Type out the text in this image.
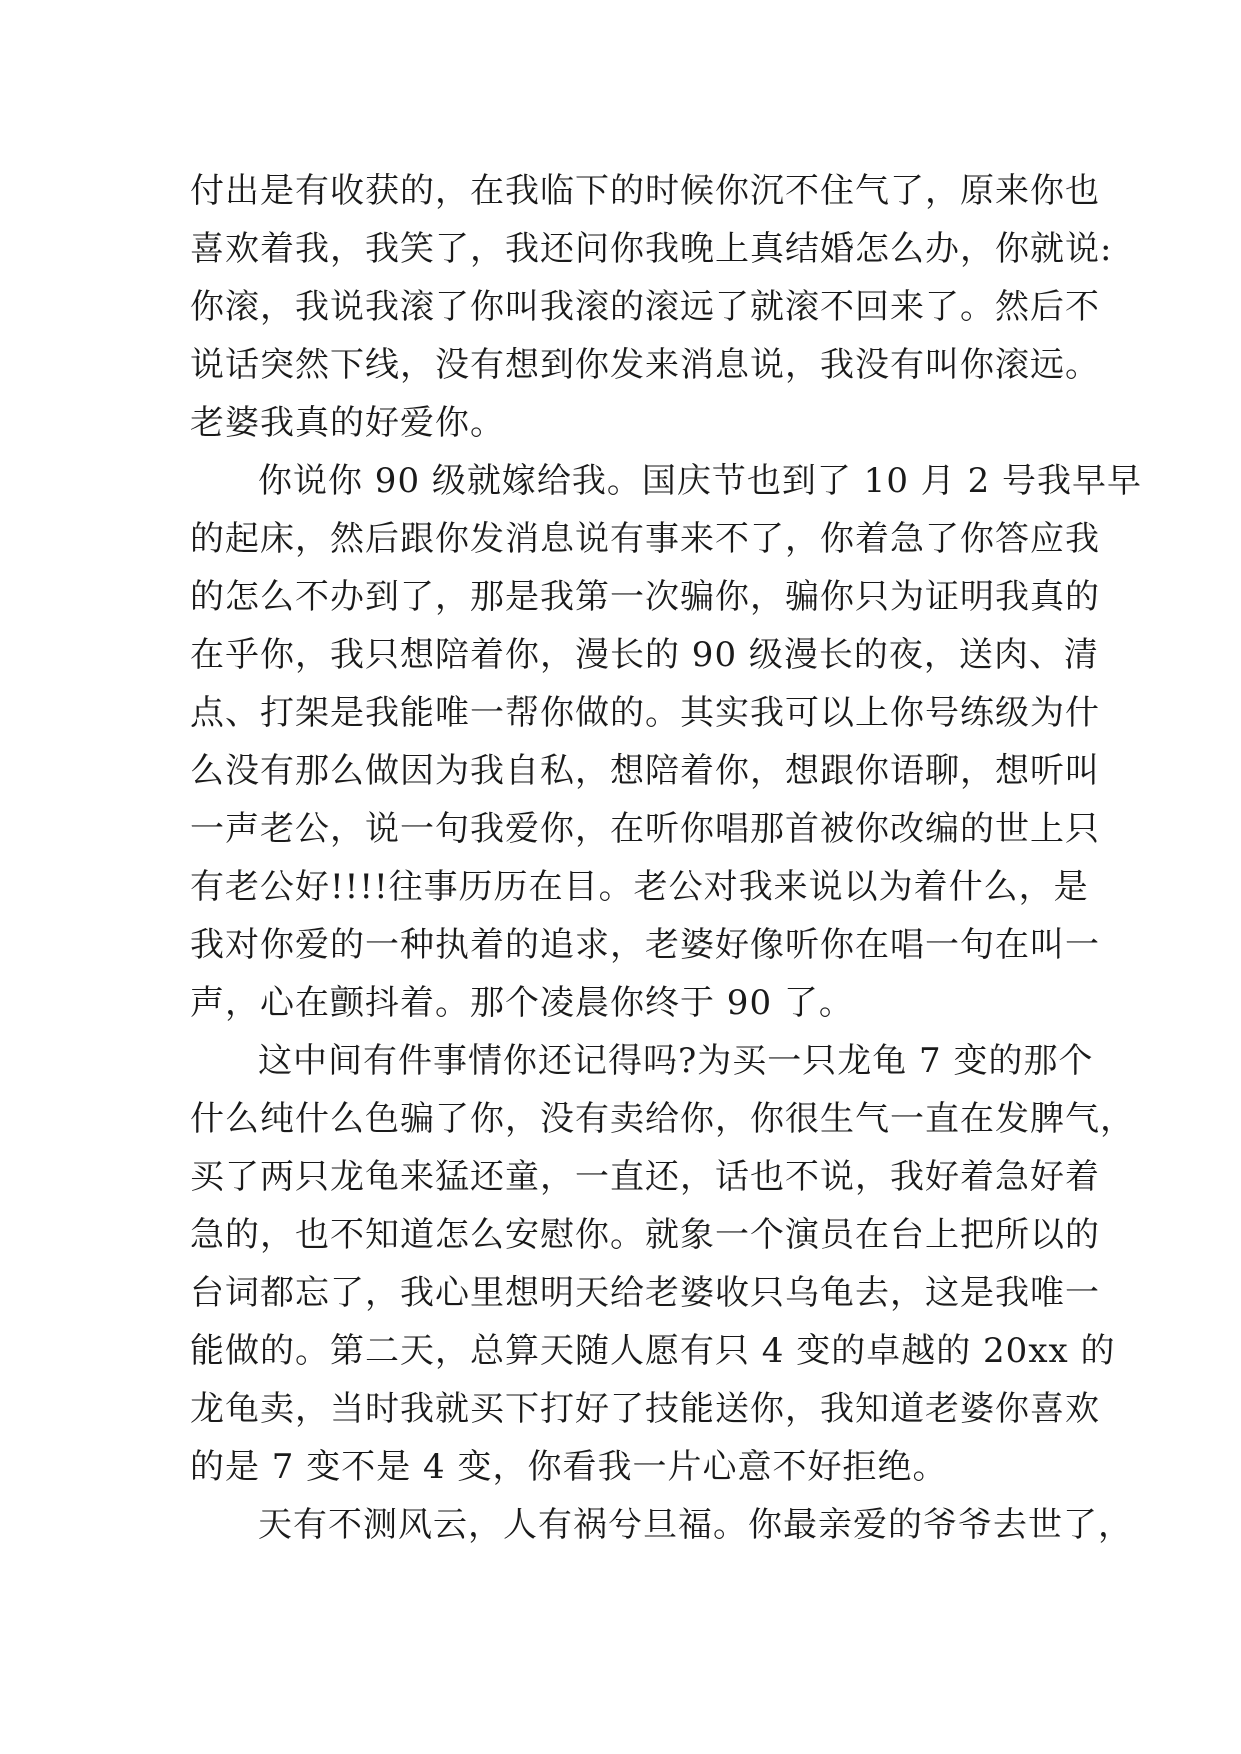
付出是有收获的，在我临下的时候你沉不住气了，原来你也
喜欢着我，我笑了，我还问你我晚上真结婚怎么办，你就说:
你滚，我说我滚了你叫我滚的滚远了就滚不回来了。然后不
说话突然下线，没有想到你发来消息说，我没有叫你滚远。
老婆我真的好爱你。
你说你 90 级就嫁给我。国庆节也到了 10 月 2 号我早早
的起床，然后跟你发消息说有事来不了，你着急了你答应我
的怎么不办到了，那是我第一次骗你，骗你只为证明我真的
在乎你，我只想陪着你，漫长的 90 级漫长的夜，送肉、清
点、打架是我能唯一帮你做的。其实我可以上你号练级为什
么没有那么做因为我自私，想陪着你，想跟你语聊，想听叫
一声老公，说一句我爱你，在听你唱那首被你改编的世上只
有老公好!!!!往事历历在目。老公对我来说以为着什么，是
我对你爱的一种执着的追求，老婆好像听你在唱一句在叫一
声，心在颤抖着。那个凌晨你终于 90 了。
这中间有件事情你还记得吗?为买一只龙龟 7 变的那个
什么纯什么色骗了你，没有卖给你，你很生气一直在发脾气，
买了两只龙龟来猛还童，一直还，话也不说，我好着急好着
急的，也不知道怎么安慰你。就象一个演员在台上把所以的
台词都忘了，我心里想明天给老婆收只乌龟去，这是我唯一
能做的。第二天，总算天随人愿有只 4 变的卓越的 20xx 的
龙龟卖，当时我就买下打好了技能送你，我知道老婆你喜欢
的是 7 变不是 4 变，你看我一片心意不好拒绝。
天有不测风云，人有祸兮旦福。你最亲爱的爷爷去世了，
